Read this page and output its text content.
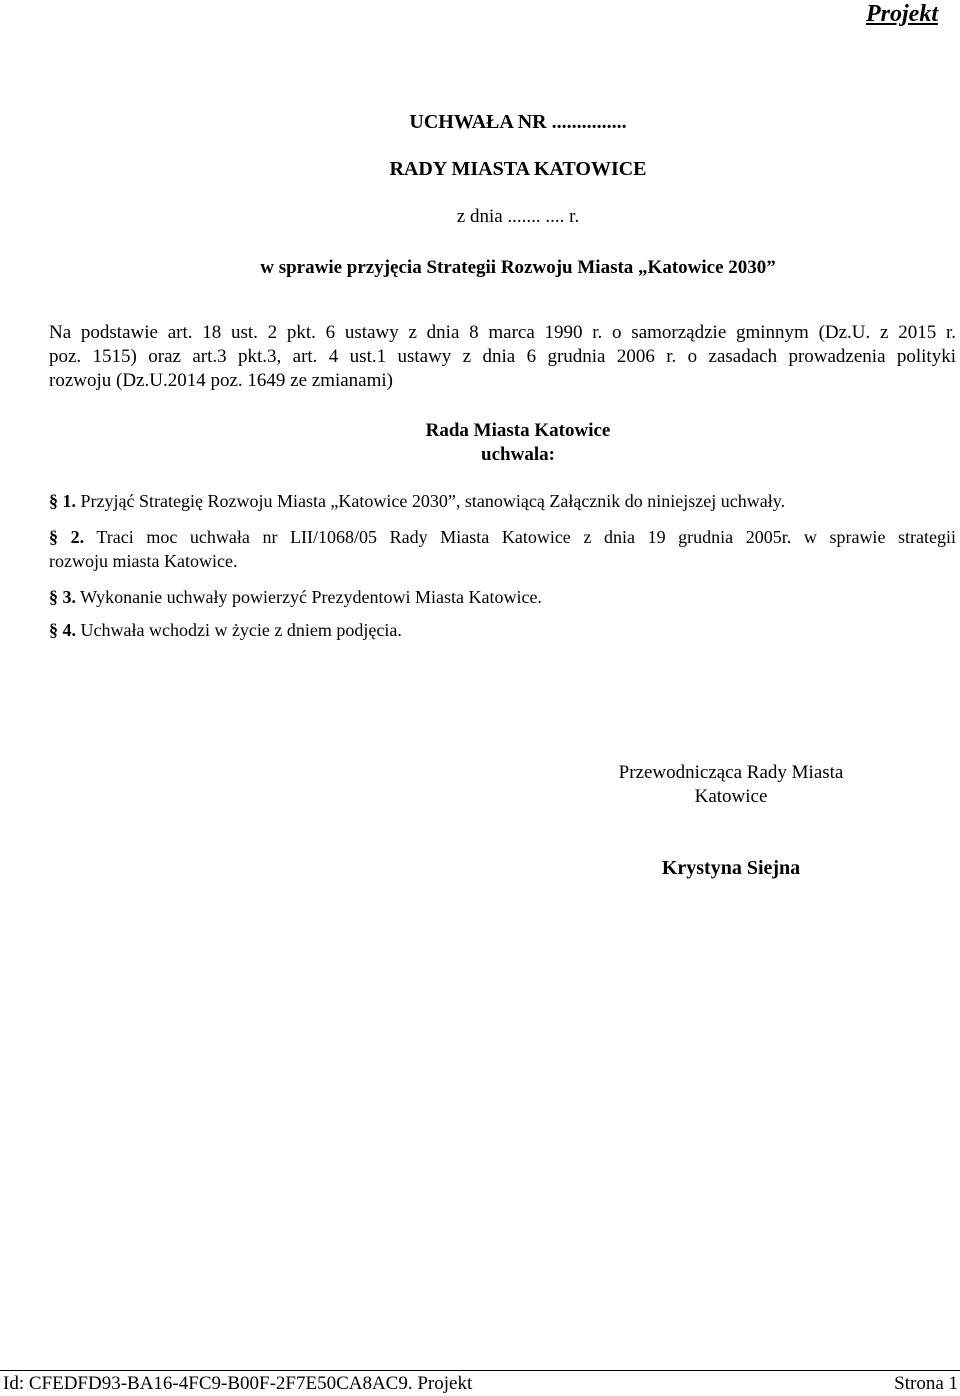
Projekt
UCHWAŁA NR ...............
RADY MIASTA KATOWICE
z dnia ....... .... r.
w sprawie przyjęcia Strategii Rozwoju Miasta „Katowice 2030”
Na podstawie art. 18 ust. 2 pkt. 6 ustawy z dnia 8 marca 1990 r. o samorządzie gminnym (Dz.U. z 2015 r.
poz. 1515) oraz art.3 pkt.3, art. 4 ust.1 ustawy z dnia 6 grudnia 2006 r. o zasadach prowadzenia polityki
rozwoju (Dz.U.2014 poz. 1649 ze zmianami)
Rada Miasta Katowice
uchwala:
§ 1. Przyjąć Strategię Rozwoju Miasta „Katowice 2030”, stanowiącą Załącznik do niniejszej uchwały.
§ 2. Traci moc uchwała nr LII/1068/05 Rady Miasta Katowice z dnia 19 grudnia 2005r. w sprawie strategii
rozwoju miasta Katowice.
§ 3. Wykonanie uchwały powierzyć Prezydentowi Miasta Katowice.
§ 4. Uchwała wchodzi w życie z dniem podjęcia.
Przewodnicząca Rady Miasta
Katowice
Krystyna Siejna
Id: CFEDFD93-BA16-4FC9-B00F-2F7E50CA8AC9. Projekt	Strona 1
